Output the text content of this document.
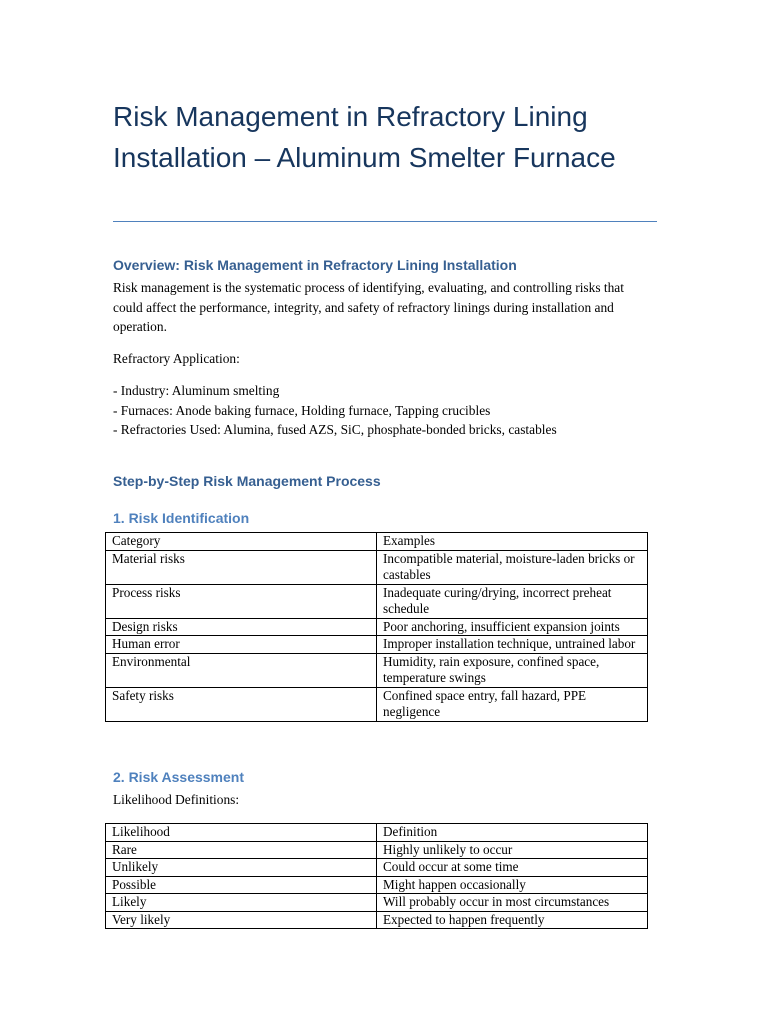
Risk Management in Refractory Lining Installation – Aluminum Smelter Furnace
Overview: Risk Management in Refractory Lining Installation

Risk management is the systematic process of identifying, evaluating, and controlling risks that could affect the performance, integrity, and safety of refractory linings during installation and operation.

Refractory Application:

- Industry: Aluminum smelting
- Furnaces: Anode baking furnace, Holding furnace, Tapping crucibles
- Refractories Used: Alumina, fused AZS, SiC, phosphate-bonded bricks, castables
Step-by-Step Risk Management Process
1. Risk Identification
Category	Examples
Material risks	Incompatible material, moisture-laden bricks or castables
Process risks	Inadequate curing/drying, incorrect preheat schedule
Design risks	Poor anchoring, insufficient expansion joints
Human error	Improper installation technique, untrained labor
Environmental	Humidity, rain exposure, confined space, temperature swings
Safety risks	Confined space entry, fall hazard, PPE negligence
2. Risk Assessment

Likelihood Definitions:

Likelihood	Definition
Rare	Highly unlikely to occur
Unlikely	Could occur at some time
Possible	Might happen occasionally
Likely	Will probably occur in most circumstances
Very likely	Expected to happen frequently
